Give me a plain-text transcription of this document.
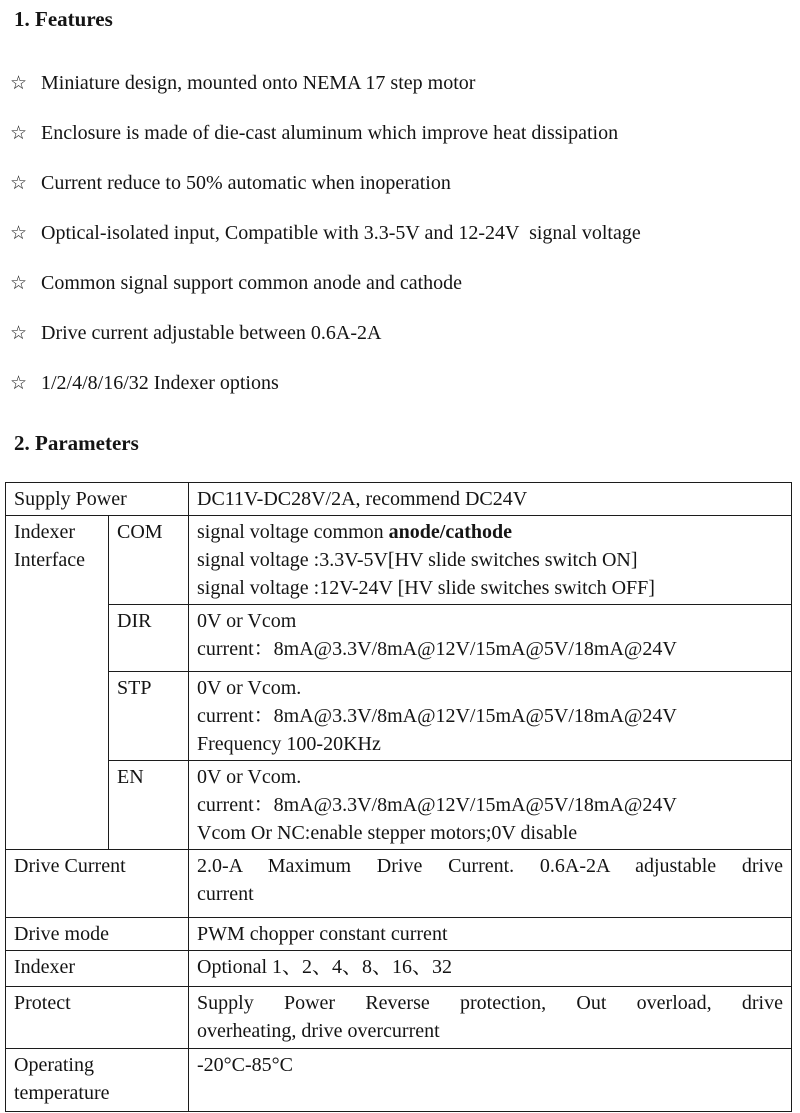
1. Features
☆ Miniature design, mounted onto NEMA 17 step motor
☆ Enclosure is made of die-cast aluminum which improve heat dissipation
☆ Current reduce to 50% automatic when inoperation
☆ Optical-isolated input, Compatible with 3.3-5V and 12-24V  signal voltage
☆ Common signal support common anode and cathode
☆ Drive current adjustable between 0.6A-2A
☆ 1/2/4/8/16/32 Indexer options
2. Parameters
Supply Power		DC11V-DC28V/2A, recommend DC24V
Indexer Interface	COM	signal voltage common anode/cathode
signal voltage :3.3V-5V[HV slide switches switch ON]
signal voltage :12V-24V [HV slide switches switch OFF]

	DIR	0V or Vcom
current：8mA@3.3V/8mA@12V/15mA@5V/18mA@24V

	STP	0V or Vcom.
current：8mA@3.3V/8mA@12V/15mA@5V/18mA@24V
Frequency 100-20KHz

	EN	0V or Vcom.
current：8mA@3.3V/8mA@12V/15mA@5V/18mA@24V
Vcom Or NC:enable stepper motors;0V disable

Drive Current		2.0-A Maximum Drive Current. 0.6A-2A adjustable drive
current

Drive mode		PWM chopper constant current
Indexer		Optional 1、2、4、8、16、32
Protect		Supply Power Reverse protection, Out overload, drive
overheating, drive overcurrent

Operating temperature		-20°C-85°C
